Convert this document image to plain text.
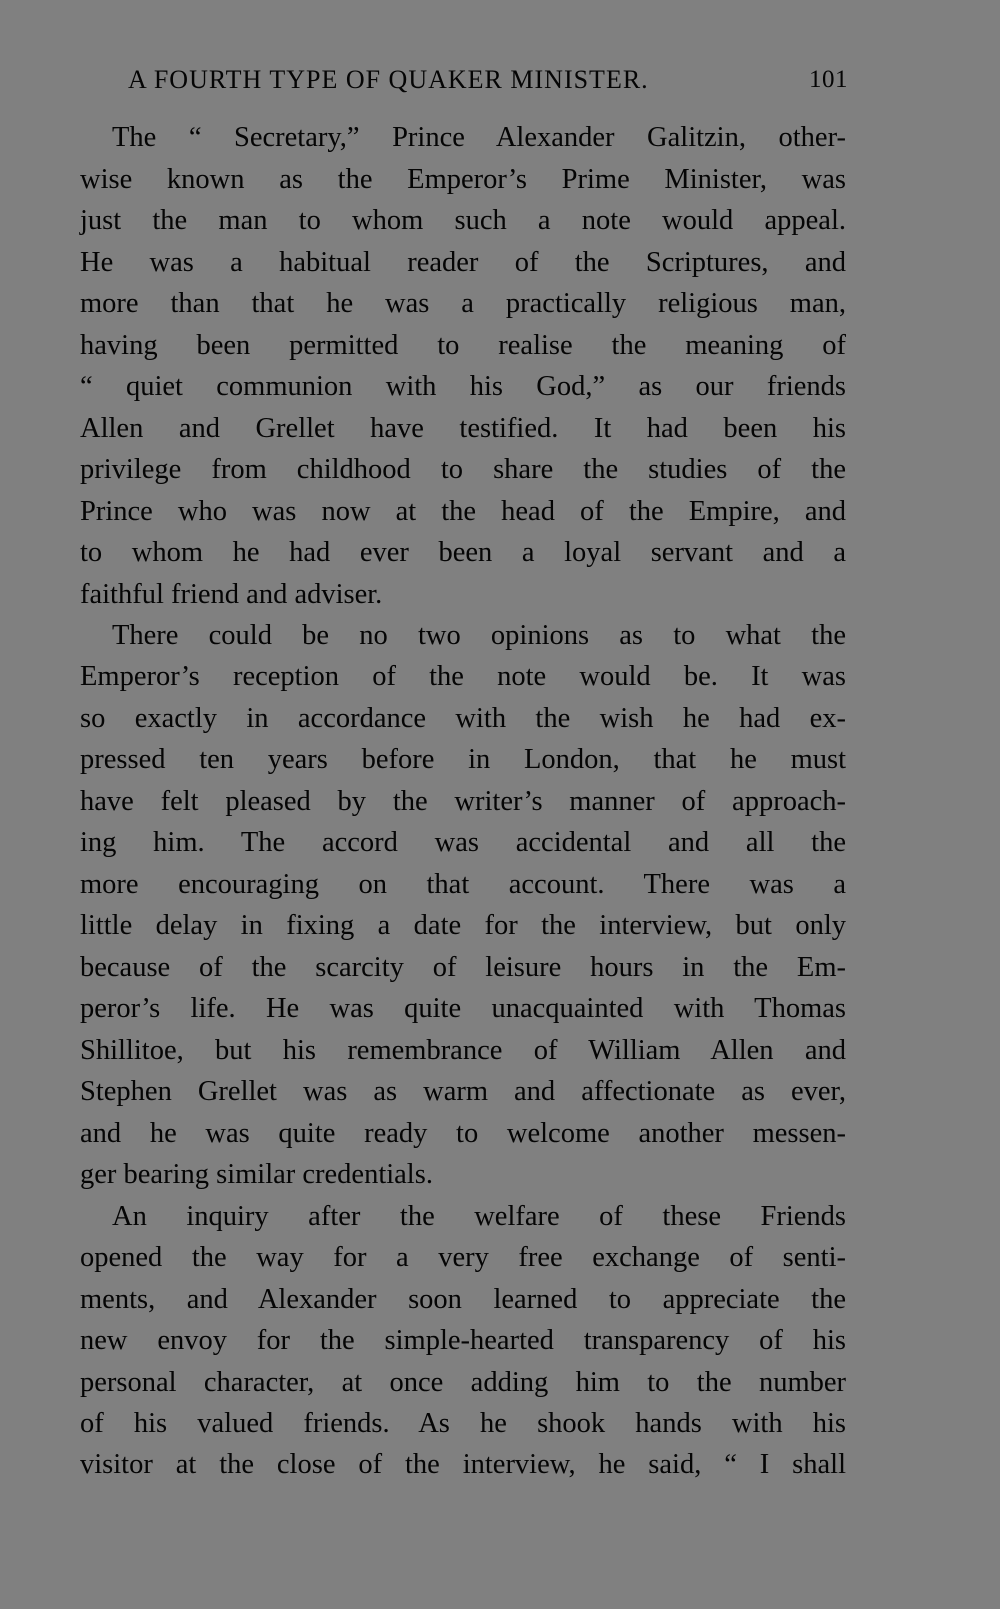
A FOURTH TYPE OF QUAKER MINISTER.	101
The “ Secretary,” Prince Alexander Galitzin, other-
wise known as the Emperor’s Prime Minister, was
just the man to whom such a note would appeal.
He was a habitual reader of the Scriptures, and
more than that he was a practically religious man,
having been permitted to realise the meaning of
“ quiet communion with his God,” as our friends
Allen and Grellet have testified. It had been his
privilege from childhood to share the studies of the
Prince who was now at the head of the Empire, and
to whom he had ever been a loyal servant and a
faithful friend and adviser.
There could be no two opinions as to what the
Emperor’s reception of the note would be. It was
so exactly in accordance with the wish he had ex-
pressed ten years before in London, that he must
have felt pleased by the writer’s manner of approach-
ing him. The accord was accidental and all the
more encouraging on that account. There was a
little delay in fixing a date for the interview, but only
because of the scarcity of leisure hours in the Em-
peror’s life. He was quite unacquainted with Thomas
Shillitoe, but his remembrance of William Allen and
Stephen Grellet was as warm and affectionate as ever,
and he was quite ready to welcome another messen-
ger bearing similar credentials.
An inquiry after the welfare of these Friends
opened the way for a very free exchange of senti-
ments, and Alexander soon learned to appreciate the
new envoy for the simple-hearted transparency of his
personal character, at once adding him to the number
of his valued friends. As he shook hands with his
visitor at the close of the interview, he said, “ I shall
